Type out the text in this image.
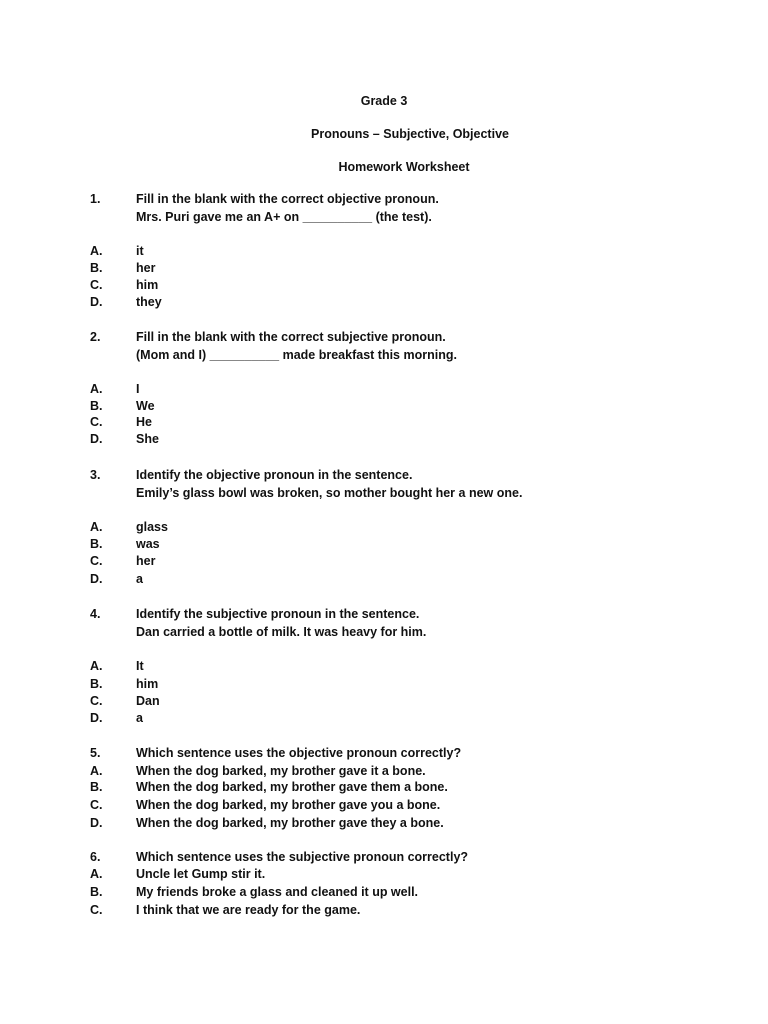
Grade 3
Pronouns – Subjective, Objective
Homework Worksheet
1.	Fill in the blank with the correct objective pronoun.
Mrs. Puri gave me an A+ on __________ (the test).
A.	it
B.	her
C.	him
D.	they
2.	Fill in the blank with the correct subjective pronoun.
(Mom and I) __________ made breakfast this morning.
A.	I
B.	We
C.	He
D.	She
3.	Identify the objective pronoun in the sentence.
Emily’s glass bowl was broken, so mother bought her a new one.
A.	glass
B.	was
C.	her
D.	a
4.	Identify the subjective pronoun in the sentence.
Dan carried a bottle of milk. It was heavy for him.
A.	It
B.	him
C.	Dan
D.	a
5.	Which sentence uses the objective pronoun correctly?
A.	When the dog barked, my brother gave it a bone.
B.	When the dog barked, my brother gave them a bone.
C.	When the dog barked, my brother gave you a bone.
D.	When the dog barked, my brother gave they a bone.
6.	Which sentence uses the subjective pronoun correctly?
A.	Uncle let Gump stir it.
B.	My friends broke a glass and cleaned it up well.
C.	I think that we are ready for the game.
